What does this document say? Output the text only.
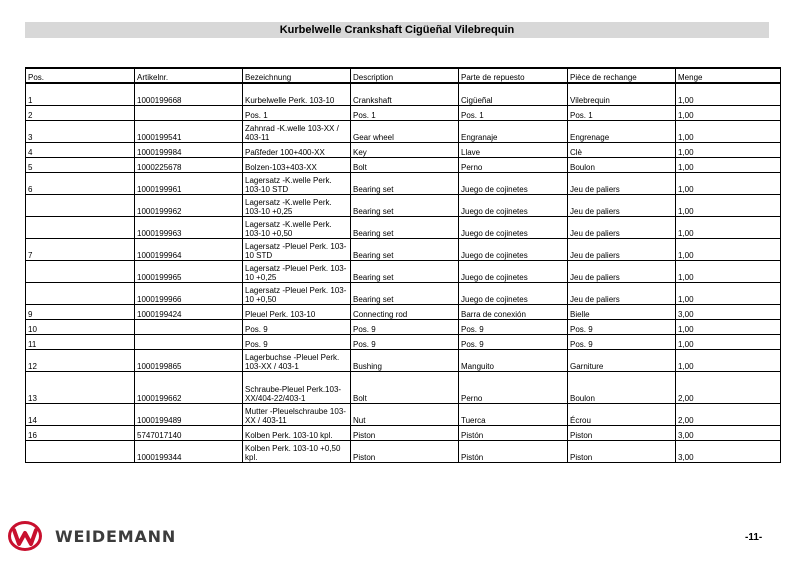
Kurbelwelle Crankshaft Cigüeñal Vilebrequin
Pos.	Artikelnr.	Bezeichnung	Description	Parte de repuesto	Pièce de rechange	Menge
1	1000199668	Kurbelwelle Perk. 103-10	Crankshaft	Cigüeñal	Vilebrequin	1,00
2		Pos. 1	Pos. 1	Pos. 1	Pos. 1	1,00
3	1000199541	Zahnrad -K.welle 103-XX / 403-11	Gear wheel	Engranaje	Engrenage	1,00
4	1000199984	Paßfeder 100+400-XX	Key	Llave	Clè	1,00
5	1000225678	Bolzen-103+403-XX	Bolt	Perno	Boulon	1,00
6	1000199961	Lagersatz -K.welle Perk. 103-10 STD	Bearing set	Juego de cojinetes	Jeu de paliers	1,00
	1000199962	Lagersatz -K.welle Perk. 103-10 +0,25	Bearing set	Juego de cojinetes	Jeu de paliers	1,00
	1000199963	Lagersatz -K.welle Perk. 103-10 +0,50	Bearing set	Juego de cojinetes	Jeu de paliers	1,00
7	1000199964	Lagersatz -Pleuel Perk. 103-10 STD	Bearing set	Juego de cojinetes	Jeu de paliers	1,00
	1000199965	Lagersatz -Pleuel Perk. 103-10 +0,25	Bearing set	Juego de cojinetes	Jeu de paliers	1,00
	1000199966	Lagersatz -Pleuel Perk. 103-10 +0,50	Bearing set	Juego de cojinetes	Jeu de paliers	1,00
9	1000199424	Pleuel Perk. 103-10	Connecting rod	Barra de conexión	Bielle	3,00
10		Pos. 9	Pos. 9	Pos. 9	Pos. 9	1,00
11		Pos. 9	Pos. 9	Pos. 9	Pos. 9	1,00
12	1000199865	Lagerbuchse -Pleuel Perk. 103-XX / 403-1	Bushing	Manguito	Garniture	1,00
13	1000199662	Schraube-Pleuel Perk.103-XX/404-22/403-1	Bolt	Perno	Boulon	2,00
14	1000199489	Mutter -Pleuelschraube 103-XX / 403-11	Nut	Tuerca	Écrou	2,00
16	5747017140	Kolben Perk. 103-10 kpl.	Piston	Pistón	Piston	3,00
	1000199344	Kolben Perk. 103-10 +0,50 kpl.	Piston	Pistón	Piston	3,00
WEIDEMANN	-11-
